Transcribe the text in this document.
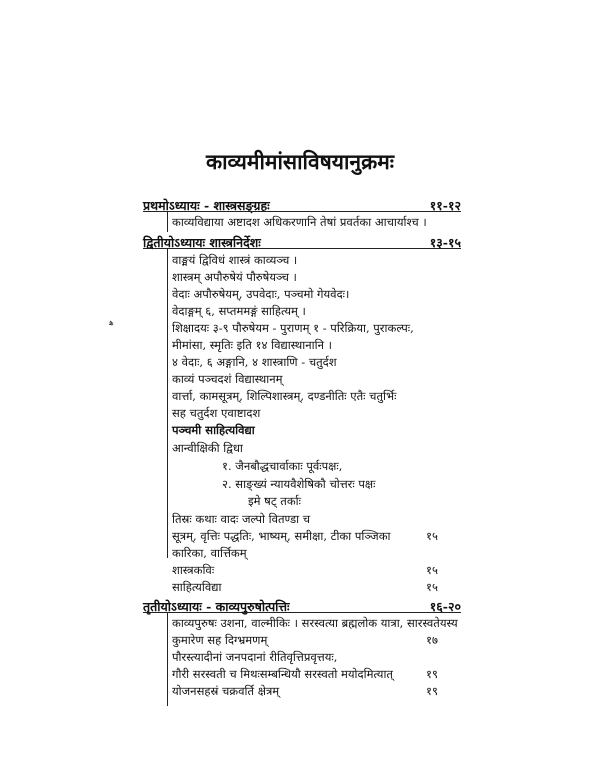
काव्यमीमांसाविषयानुक्रमः
प्रथमोऽध्यायः - शास्त्रसङ्ग्रहः	११-१२
काव्यविद्याया अष्टादश अधिकरणानि तेषां प्रवर्तका आचार्याश्च ।
द्वितीयोऽध्यायः शास्त्रनिर्देशः	१३-१५
वाङ्मयं द्विविधं शास्त्रं काव्यञ्च ।
शास्त्रम् अपौरुषेयं पौरुषेयञ्च ।
वेदाः अपौरुषेयम्, उपवेदाः, पञ्चमो गेयवेदः।
वेदाङ्गम् ६, सप्तममङ्गं साहित्यम् ।
शिक्षादयः ३-९ पौरुषेयम - पुराणम् १ - परिक्रिया, पुराकल्पः,
मीमांसा, स्मृतिः इति १४ विद्यास्थानानि ।
४ वेदाः, ६ अङ्गानि, ४ शास्त्राणि - चतुर्दश
काव्यं पञ्चदशं विद्यास्थानम्
वार्त्ता, कामसूत्रम्, शिल्पिशास्त्रम्, दण्डनीतिः एतैः चतुर्भिः
सह चतुर्दश एवाष्टादश
पञ्चमी साहित्यविद्या
आन्वीक्षिकी द्विधा
१. जैनबौद्धचार्वाकाः पूर्वःपक्षः,
२. साङ्ख्यं न्यायवैशेषिकौ चोत्तरः पक्षः
इमे षट् तर्काः
तिस्रः कथाः वादः जल्पो वितण्डा च
सूत्रम्, वृत्तिः पद्धतिः, भाष्यम्, समीक्षा, टीका पञ्जिका	१५
कारिका, वार्त्तिकम्
शास्त्रकविः	१५
साहित्यविद्या	१५
तृतीयोऽध्यायः - काव्यपुरुषोत्पत्तिः	१६-२०
काव्यपुरुषः उशना, वाल्मीकिः । सरस्वत्या ब्रह्मलोक यात्रा, सारस्वतेयस्य
कुमारेण सह दिग्भ्रमणम्	१७
पौरस्त्यादीनां जनपदानां रीतिवृत्तिप्रवृत्तयः,
गौरी सरस्वती च मिथःसम्बन्धियौ सरस्वतो मयोदमित्यात्	१९
योजनसहस्रं चक्रवर्ति क्षेत्रम्	१९
ﻫ
